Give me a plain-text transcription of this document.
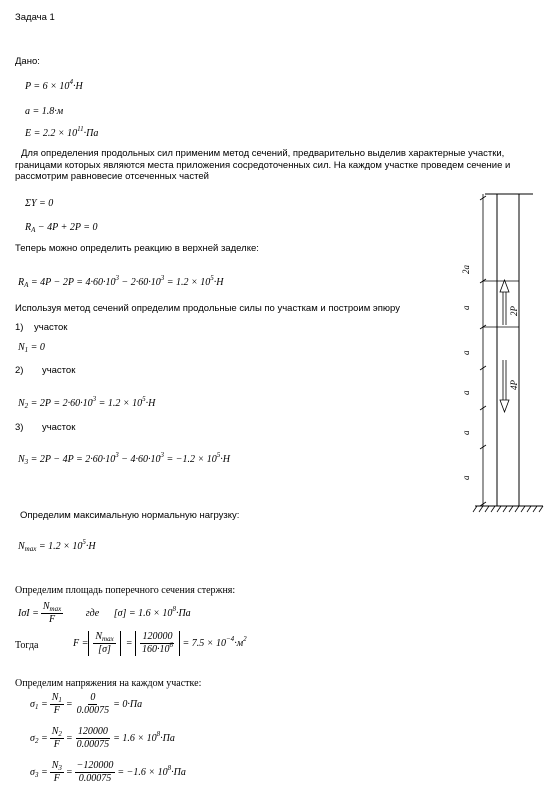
Задача 1
Дано:
$P = 6 \times 10^4\cdot H$
a = 1.8·м
$E = 2.2 \times 10^{11}\cdot Па$
Для определения продольных сил применим метод сечений, предварительно выделив характерные участки, границами которых являются места приложения сосредоточенных сил. На каждом участке проведем сечение и рассмотрим равновесие отсеченных частей
ΣY = 0
$R_A - 4P + 2P = 0$
Теперь можно определить реакцию в верхней заделке:
$R_A = 4P - 2P = 4\cdot 60\cdot 10^3 - 2\cdot 60\cdot 10^3 = 1.2 \times 10^5\cdot H$
Используя метод сечений определим продольные силы по участкам и построим эпюру
1) участок
$N_1 = 0$
2) участок
$N_2 = 2P = 2\cdot 60\cdot 10^3 = 1.2 \times 10^5\cdot H$
3) участок
$N_3 = 2P - 4P = 2\cdot 60\cdot 10^3 - 4\cdot 60\cdot 10^3 = -1.2 \times 10^5\cdot H$
Определим максимальную нормальную нагрузку:
$N_{max} = 1.2 \times 10^5\cdot H$
Определим площадь поперечного сечения стержня:
$I\sigma I = \frac{N_{max}}{F}$ где $[\sigma] = 1.6 \times 10^8\cdot Па$
Тогда	$F = \frac{N_{max}}{[\sigma]} = \frac{120000}{160\cdot 10^6} = 7.5 \times 10^{-4}\cdot м^2$
Определим напряжения на каждом участке:
$\sigma_1 = \frac{N_1}{F} = \frac{0}{0.00075} = 0\cdot Па$
$\sigma_2 = \frac{N_2}{F} = \frac{120000}{0.00075} = 1.6 \times 10^8\cdot Па$
$\sigma_3 = \frac{N_3}{F} = \frac{-120000}{0.00075} = -1.6 \times 10^8\cdot Па$
2a
a
a
a
a
a
2P
4P
